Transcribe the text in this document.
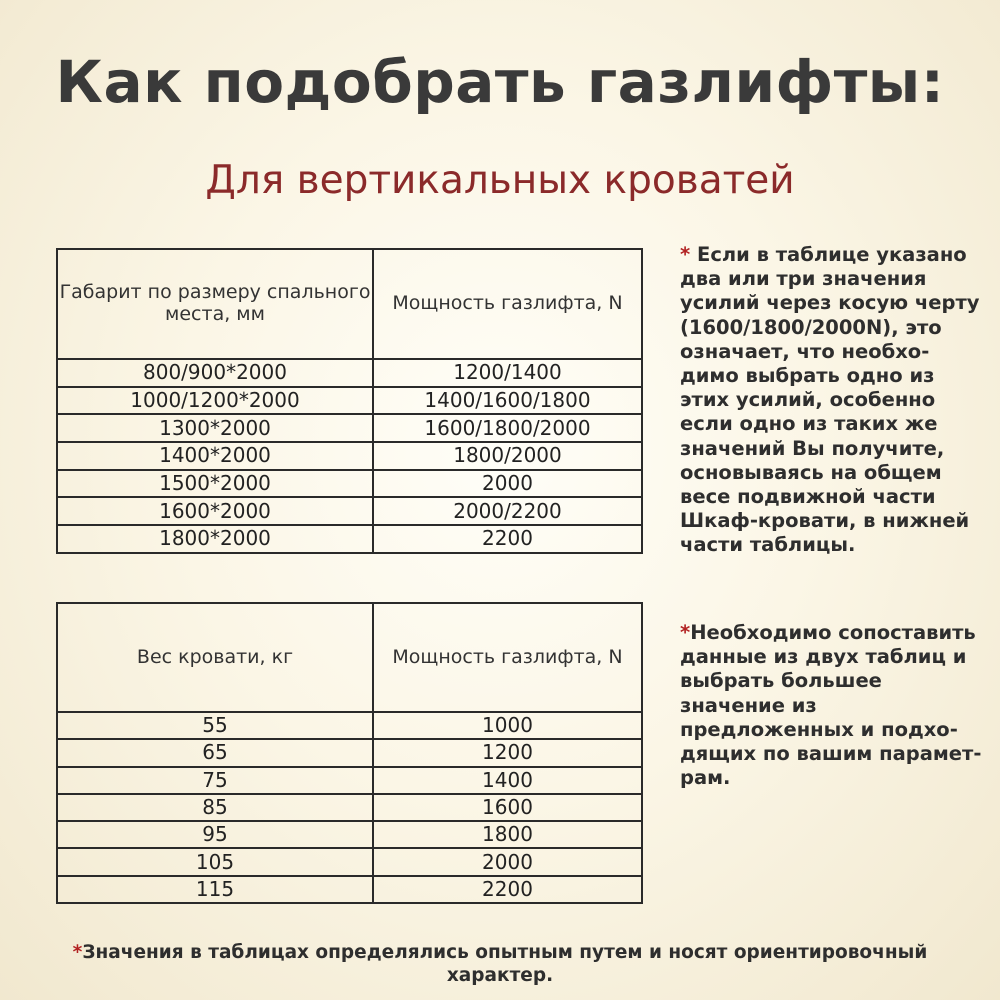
Как подобрать газлифты:
Для вертикальных кроватей
Габарит по размеру спального места, мм	Мощность газлифта, N
800/900*2000	1200/1400
1000/1200*2000	1400/1600/1800
1300*2000	1600/1800/2000
1400*2000	1800/2000
1500*2000	2000
1600*2000	2000/2200
1800*2000	2200
* Если в таблице указано два или три значения усилий через косую черту (1600/1800/2000N), это означает, что необхо-димо выбрать одно из этих усилий, особенно если одно из таких же значений Вы получите, основываясь на общем весе подвижной части Шкаф-кровати, в нижней части таблицы.
Вес кровати, кг	Мощность газлифта, N
55	1000
65	1200
75	1400
85	1600
95	1800
105	2000
115	2200
*Необходимо сопоставить данные из двух таблиц и выбрать большее значение из предложенных и подхо-дящих по вашим парамет-рам.
*Значения в таблицах определялись опытным путем и носят ориентировочный характер.
